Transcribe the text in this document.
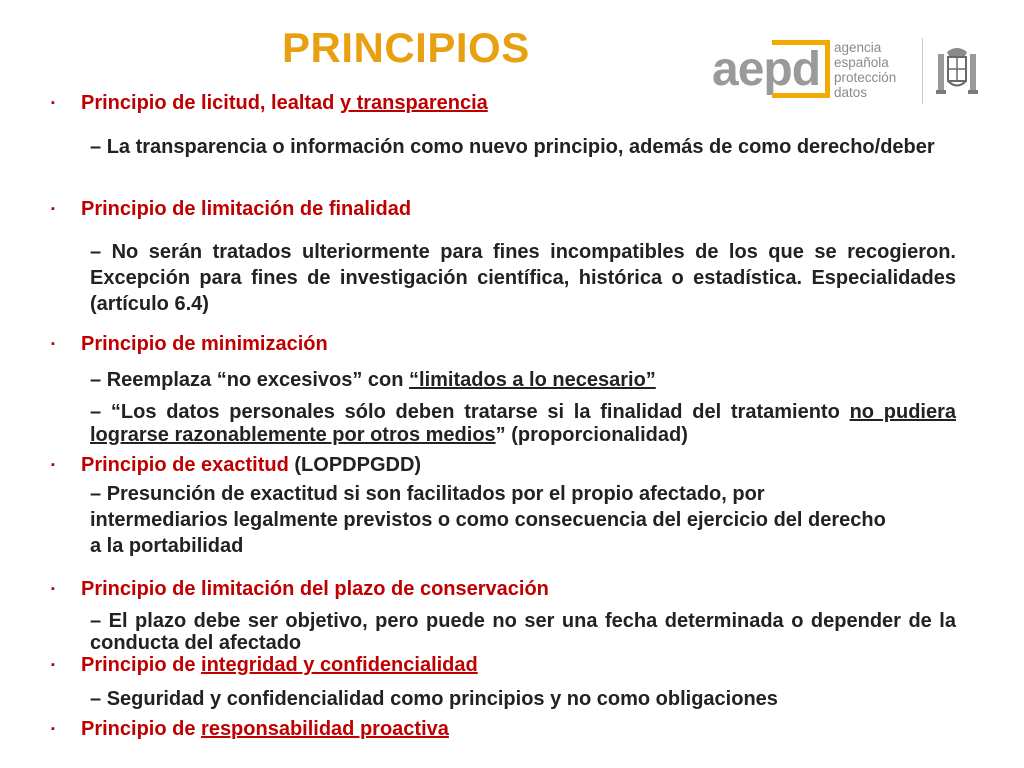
PRINCIPIOS	aepd agencia
española
protección
datos
▪ Principio de licitud, lealtad y transparencia
– La transparencia o información como nuevo principio, además de como derecho/deber
▪ Principio de limitación de finalidad
– No serán tratados ulteriormente para fines incompatibles de los que se recogieron. Excepción para fines de investigación científica, histórica o estadística. Especialidades (artículo 6.4)
▪ Principio de minimización
– Reemplaza “no excesivos” con “limitados a lo necesario”
– “Los datos personales sólo deben tratarse si la finalidad del tratamiento no pudiera lograrse razonablemente por otros medios” (proporcionalidad)
▪ Principio de exactitud (LOPDPGDD)
– Presunción de exactitud si son facilitados por el propio afectado, por intermediarios legalmente previstos o como consecuencia del ejercicio del derecho a la portabilidad
▪ Principio de limitación del plazo de conservación
– El plazo debe ser objetivo, pero puede no ser una fecha determinada o depender de la conducta del afectado
▪ Principio de integridad y confidencialidad
– Seguridad y confidencialidad como principios y no como obligaciones
▪ Principio de responsabilidad proactiva
